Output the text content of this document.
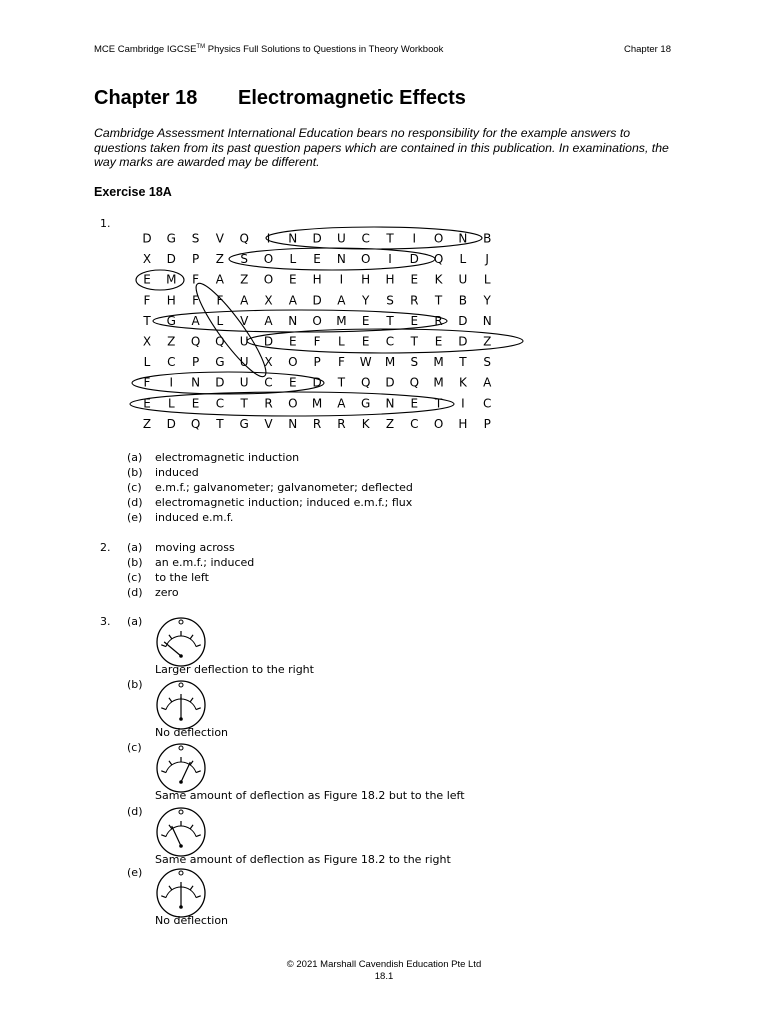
MCE Cambridge IGCSE™ Physics Full Solutions to Questions in Theory Workbook	Chapter 18
Chapter 18 Electromagnetic Effects
Cambridge Assessment International Education bears no responsibility for the example answers to questions taken from its past question papers which are contained in this publication. In examinations, the way marks are awarded may be different.
Exercise 18A
1.
D G S V Q I N D U C T I O N B
X D P Z S O L E N O I D Q L J
E M F A Z O E H I H H E K U L
F H F F A X A D A Y S R T B Y
T G A L V A N O M E T E R D N
X Z Q Q U D E F L E C T E D Z
L C P G U X O P F W M S M T S
F I N D U C E D T Q D Q M K A
E L E C T R O M A G N E T I C
Z D Q T G V N R R K Z C O H P
(a) electromagnetic induction
(b) induced
(c) e.m.f.; galvanometer; galvanometer; deflected
(d) electromagnetic induction; induced e.m.f.; flux
(e) induced e.m.f.
2. (a) moving across
(b) an e.m.f.; induced
(c) to the left
(d) zero
3. (a)
Larger deflection to the right
(b)
No deflection
(c)
Same amount of deflection as Figure 18.2 but to the left
(d)
Same amount of deflection as Figure 18.2 to the right
(e)
No deflection
© 2021 Marshall Cavendish Education Pte Ltd
18.1
